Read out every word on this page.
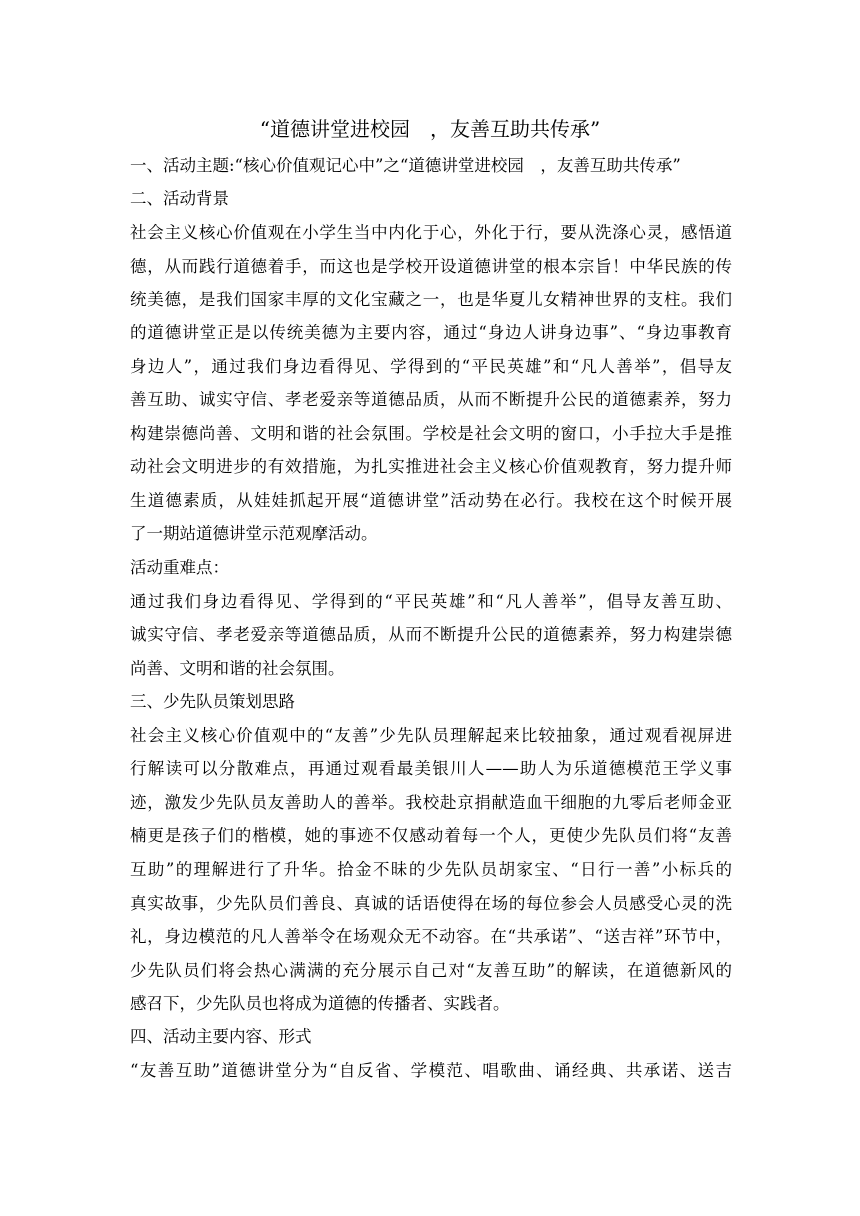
“道德讲堂进校园　，友善互助共传承”

一、活动主题:“核心价值观记心中”之“道德讲堂进校园　，友善互助共传承”

二、活动背景

社会主义核心价值观在小学生当中内化于心，外化于行，要从洗涤心灵，感悟道

德，从而践行道德着手，而这也是学校开设道德讲堂的根本宗旨！中华民族的传

统美德，是我们国家丰厚的文化宝藏之一，也是华夏儿女精神世界的支柱。我们

的道德讲堂正是以传统美德为主要内容，通过“身边人讲身边事”、“身边事教育

身边人”，通过我们身边看得见、学得到的“平民英雄”和“凡人善举”，倡导友

善互助、诚实守信、孝老爱亲等道德品质，从而不断提升公民的道德素养，努力

构建崇德尚善、文明和谐的社会氛围。学校是社会文明的窗口，小手拉大手是推

动社会文明进步的有效措施，为扎实推进社会主义核心价值观教育，努力提升师

生道德素质，从娃娃抓起开展“道德讲堂”活动势在必行。我校在这个时候开展

了一期站道德讲堂示范观摩活动。

活动重难点：

通过我们身边看得见、学得到的“平民英雄”和“凡人善举”，倡导友善互助、

诚实守信、孝老爱亲等道德品质，从而不断提升公民的道德素养，努力构建崇德

尚善、文明和谐的社会氛围。

三、少先队员策划思路

社会主义核心价值观中的“友善”少先队员理解起来比较抽象，通过观看视屏进

行解读可以分散难点，再通过观看最美银川人——助人为乐道德模范王学义事

迹，激发少先队员友善助人的善举。我校赴京捐献造血干细胞的九零后老师金亚

楠更是孩子们的楷模，她的事迹不仅感动着每一个人，更使少先队员们将“友善

互助”的理解进行了升华。拾金不昧的少先队员胡家宝、“日行一善”小标兵的

真实故事，少先队员们善良、真诚的话语使得在场的每位参会人员感受心灵的洗

礼，身边模范的凡人善举令在场观众无不动容。在“共承诺”、“送吉祥”环节中，

少先队员们将会热心满满的充分展示自己对“友善互助”的解读，在道德新风的

感召下，少先队员也将成为道德的传播者、实践者。

四、活动主要内容、形式

“友善互助”道德讲堂分为“自反省、学模范、唱歌曲、诵经典、共承诺、送吉
